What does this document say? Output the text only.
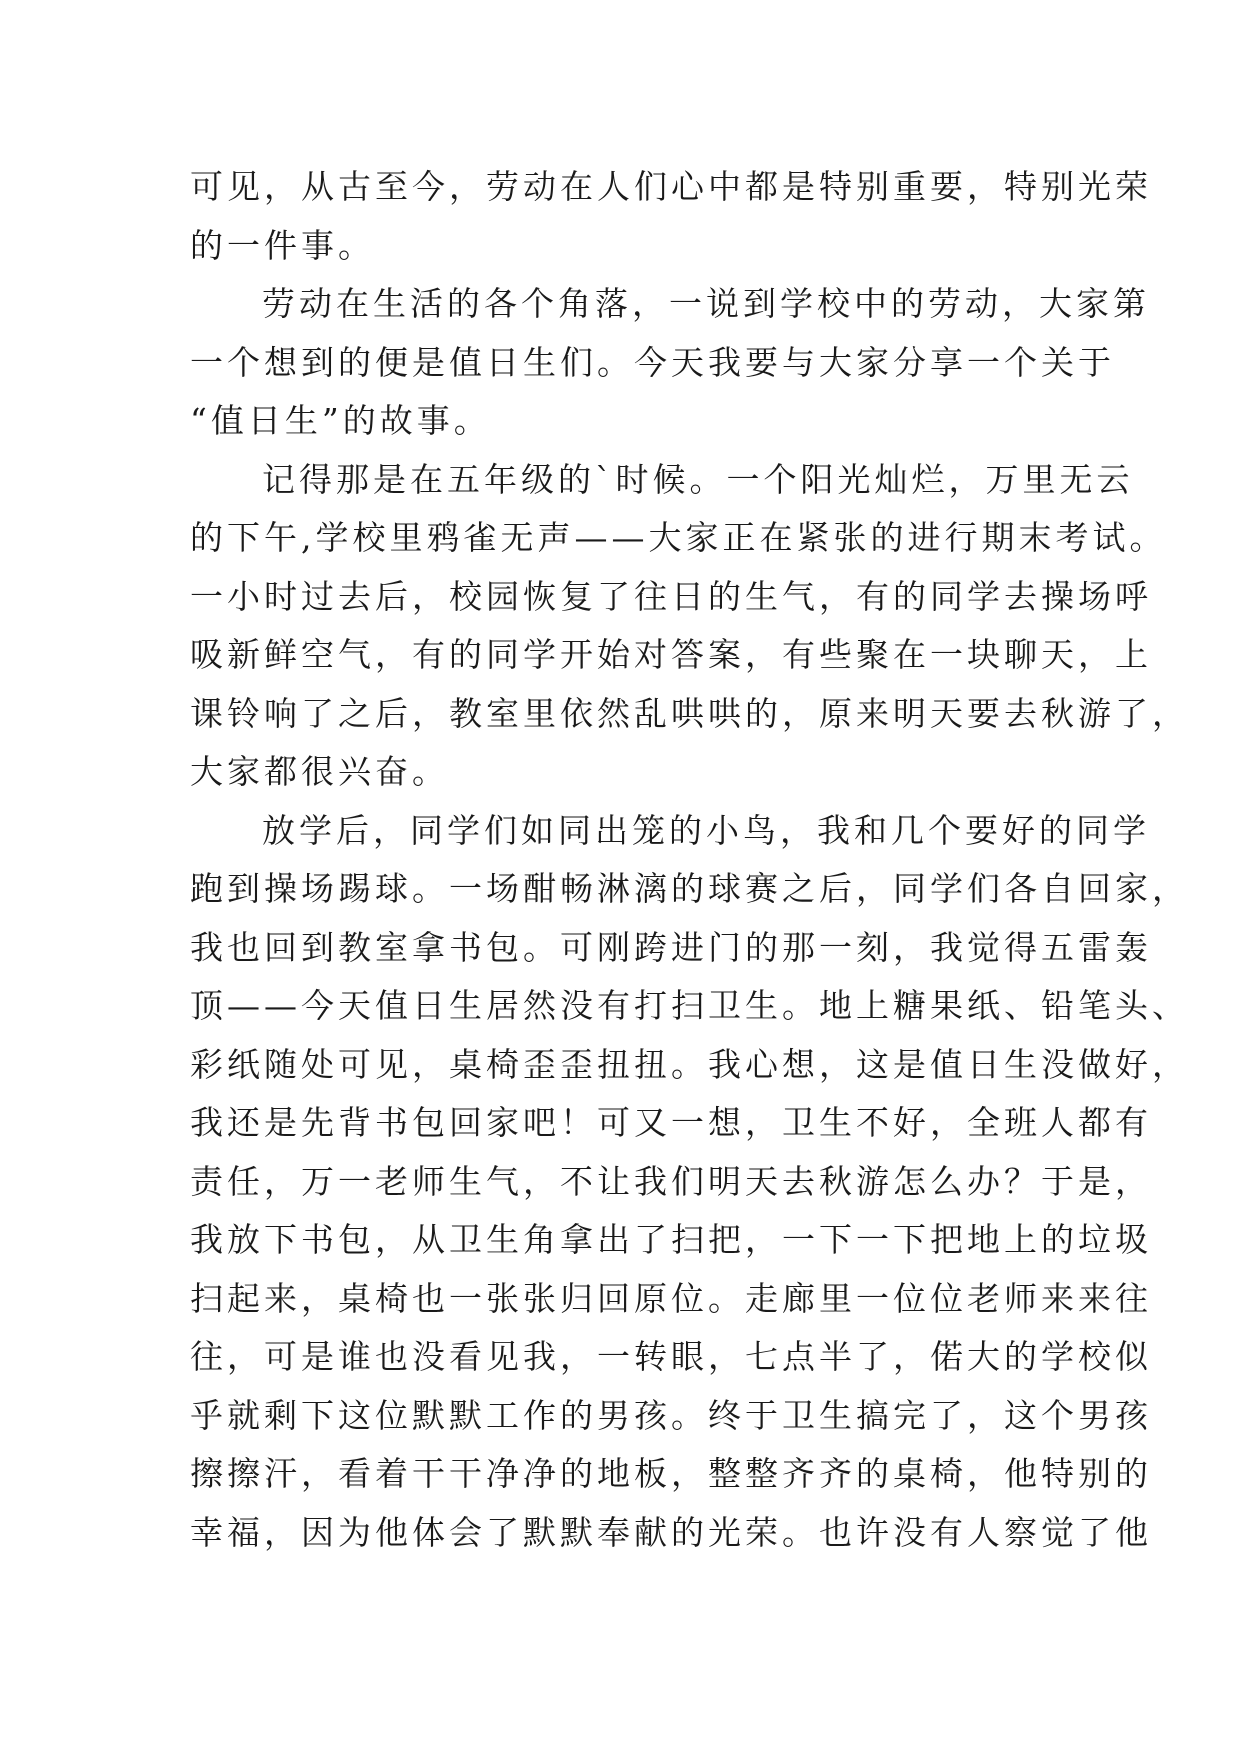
可见，从古至今，劳动在人们心中都是特别重要，特别光荣
的一件事。
劳动在生活的各个角落，一说到学校中的劳动，大家第
一个想到的便是值日生们。今天我要与大家分享一个关于
“值日生”的故事。
记得那是在五年级的`时候。一个阳光灿烂，万里无云
的下午,学校里鸦雀无声——大家正在紧张的进行期末考试。
一小时过去后，校园恢复了往日的生气，有的同学去操场呼
吸新鲜空气，有的同学开始对答案，有些聚在一块聊天，上
课铃响了之后，教室里依然乱哄哄的，原来明天要去秋游了，
大家都很兴奋。
放学后，同学们如同出笼的小鸟，我和几个要好的同学
跑到操场踢球。一场酣畅淋漓的球赛之后，同学们各自回家，
我也回到教室拿书包。可刚跨进门的那一刻，我觉得五雷轰
顶——今天值日生居然没有打扫卫生。地上糖果纸、铅笔头、
彩纸随处可见，桌椅歪歪扭扭。我心想，这是值日生没做好，
我还是先背书包回家吧！可又一想，卫生不好，全班人都有
责任，万一老师生气，不让我们明天去秋游怎么办？于是，
我放下书包，从卫生角拿出了扫把，一下一下把地上的垃圾
扫起来，桌椅也一张张归回原位。走廊里一位位老师来来往
往，可是谁也没看见我，一转眼，七点半了，偌大的学校似
乎就剩下这位默默工作的男孩。终于卫生搞完了，这个男孩
擦擦汗，看着干干净净的地板，整整齐齐的桌椅，他特别的
幸福，因为他体会了默默奉献的光荣。也许没有人察觉了他
